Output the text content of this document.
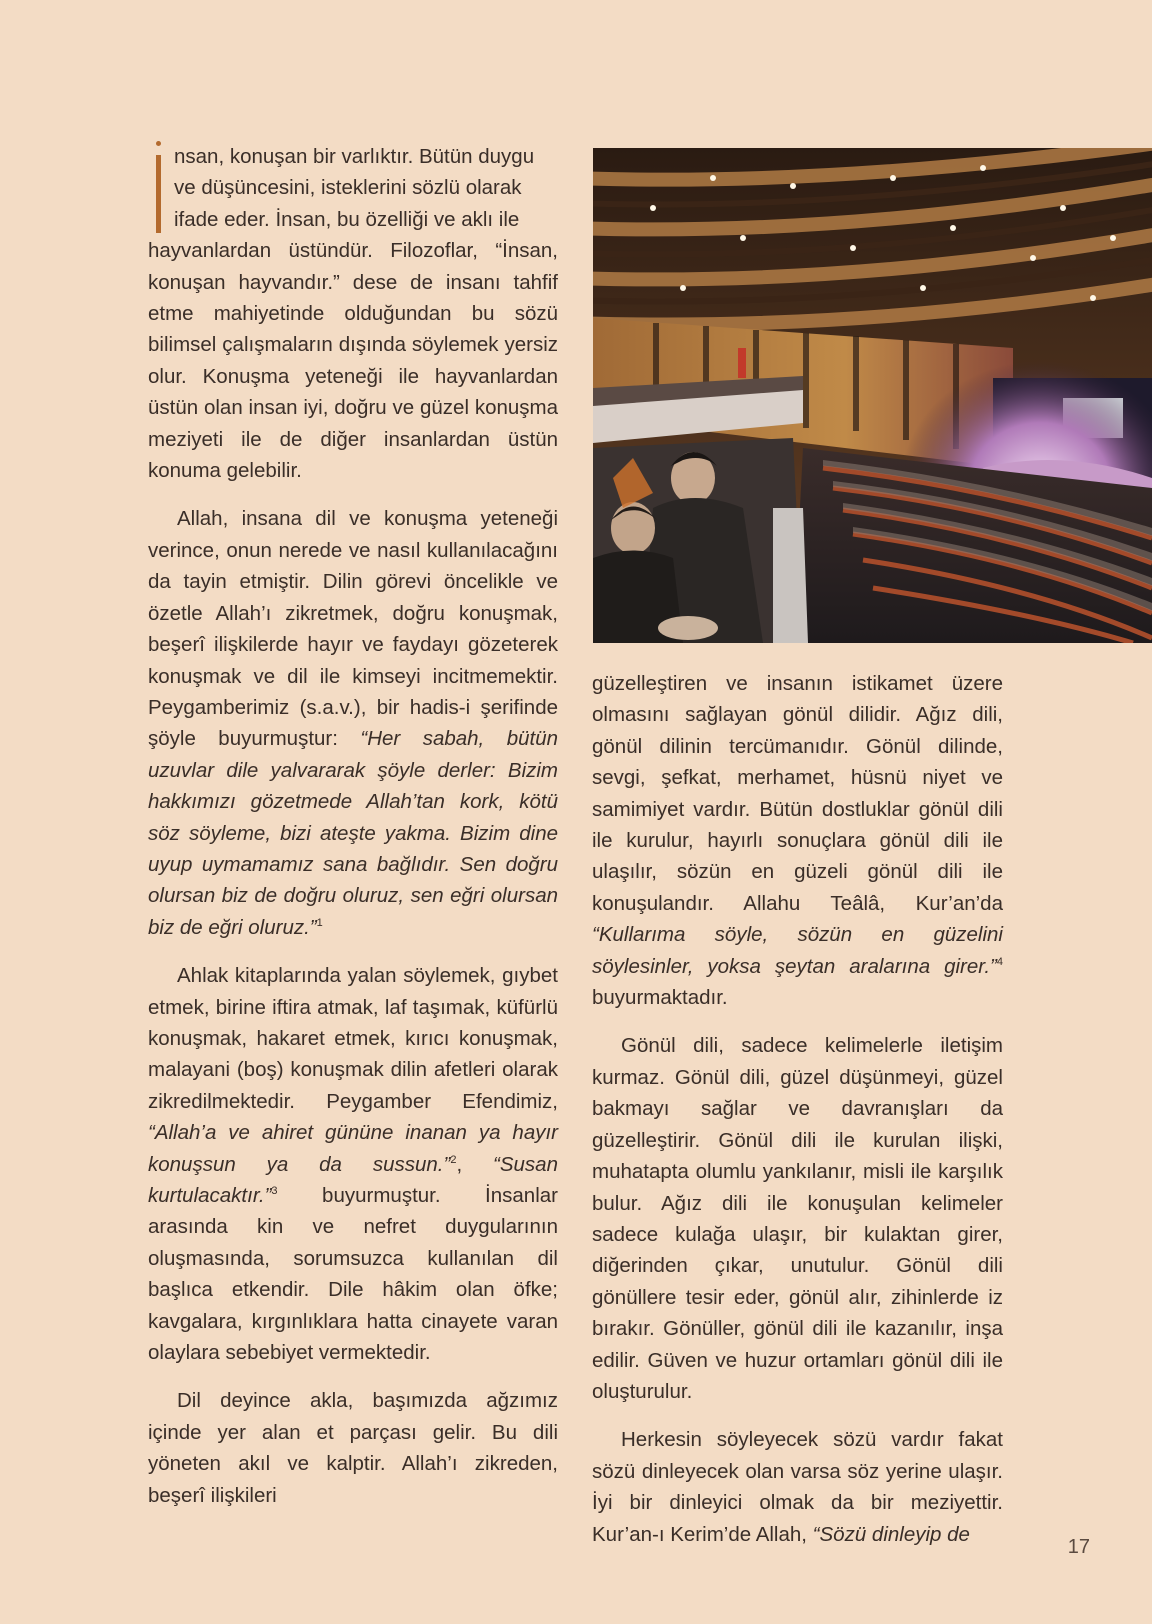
nsan, konuşan bir varlıktır. Bütün duygu
ve düşüncesini, isteklerini sözlü olarak
ifade eder. İnsan, bu özelliği ve aklı ile
hayvanlardan üstündür. Filozoflar, “İnsan, konuşan hayvandır.” dese de insanı tahfif etme mahiyetinde olduğundan bu sözü bilimsel çalışmaların dışında söylemek yersiz olur. Konuşma yeteneği ile hayvanlardan üstün olan insan iyi, doğru ve güzel konuşma meziyeti ile de diğer insanlardan üstün konuma gelebilir.

Allah, insana dil ve konuşma yeteneği verince, onun nerede ve nasıl kullanılacağını da tayin etmiştir. Dilin görevi öncelikle ve özetle Allah’ı zikretmek, doğru konuşmak, beşerî ilişkilerde hayır ve faydayı gözeterek konuşmak ve dil ile kimseyi incitmemektir. Peygamberimiz (s.a.v.), bir hadis-i şerifinde şöyle buyurmuştur: “Her sabah, bütün uzuvlar dile yalvararak şöyle derler: Bizim hakkımızı gözetmede Allah’tan kork, kötü söz söyleme, bizi ateşte yakma. Bizim dine uyup uymamamız sana bağlıdır. Sen doğru olursan biz de doğru oluruz, sen eğri olursan biz de eğri oluruz.”$^1$

Ahlak kitaplarında yalan söylemek, gıybet etmek, birine iftira atmak, laf taşımak, küfürlü konuşmak, hakaret etmek, kırıcı konuşmak, malayani (boş) konuşmak dilin afetleri olarak zikredilmektedir. Peygamber Efendimiz, “Allah’a ve ahiret gününe inanan ya hayır konuşsun ya da sussun.”$^2$, “Susan kurtulacaktır.”$^3$ buyurmuştur. İnsanlar arasında kin ve nefret duygularının oluşmasında, sorumsuzca kullanılan dil başlıca etkendir. Dile hâkim olan öfke; kavgalara, kırgınlıklara hatta cinayete varan olaylara sebebiyet vermektedir.

Dil deyince akla, başımızda ağzımız içinde yer alan et parçası gelir. Bu dili yöneten akıl ve kalptir. Allah’ı zikreden, beşerî ilişkileri

güzelleştiren ve insanın istikamet üzere olmasını sağlayan gönül dilidir. Ağız dili, gönül dilinin tercümanıdır. Gönül dilinde, sevgi, şefkat, merhamet, hüsnü niyet ve samimiyet vardır. Bütün dostluklar gönül dili ile kurulur, hayırlı sonuçlara gönül dili ile ulaşılır, sözün en güzeli gönül dili ile konuşulandır. Allahu Teâlâ, Kur’an’da “Kullarıma söyle, sözün en güzelini söylesinler, yoksa şeytan aralarına girer.”$^4$ buyurmaktadır.

Gönül dili, sadece kelimelerle iletişim kurmaz. Gönül dili, güzel düşünmeyi, güzel bakmayı sağlar ve davranışları da güzelleştirir. Gönül dili ile kurulan ilişki, muhatapta olumlu yankılanır, misli ile karşılık bulur. Ağız dili ile konuşulan kelimeler sadece kulağa ulaşır, bir kulaktan girer, diğerinden çıkar, unutulur. Gönül dili gönüllere tesir eder, gönül alır, zihinlerde iz bırakır. Gönüller, gönül dili ile kazanılır, inşa edilir. Güven ve huzur ortamları gönül dili ile oluşturulur.

Herkesin söyleyecek sözü vardır fakat sözü dinleyecek olan varsa söz yerine ulaşır. İyi bir dinleyici olmak da bir meziyettir. Kur’an-ı Kerim’de Allah, “Sözü dinleyip de

17
